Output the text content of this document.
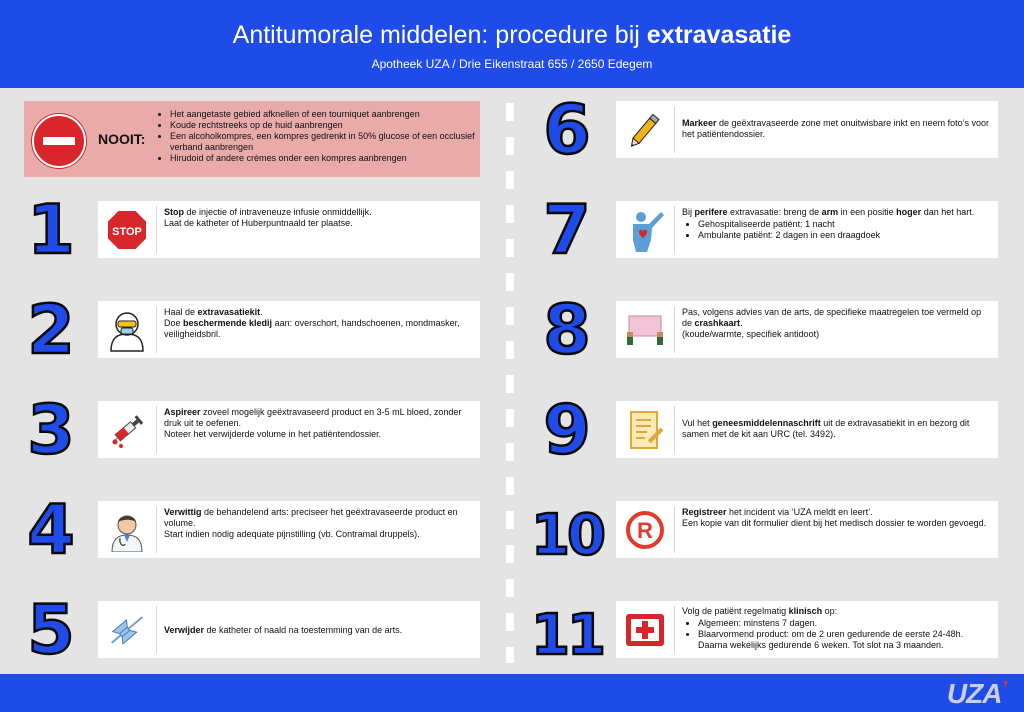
Antitumorale middelen: procedure bij extravasatie
Apotheek UZA / Drie Eikenstraat 655 / 2650 Edegem
NOOIT:
• Het aangetaste gebied afknellen of een tourniquet aanbrengen
• Koude rechtstreeks op de huid aanbrengen
• Een alcoholkompres, een kompres gedrenkt in 50% glucose of een occlusief verband aanbrengen
• Hirudoid of andere crèmes onder een kompres aanbrengen
1	STOP
Stop de injectie of intraveneuze infusie onmiddellijk.
Laat de katheter of Huberpuntnaald ter plaatse.
2	Haal de extravasatiekit.
Doe beschermende kledij aan: overschort, handschoenen, mondmasker, veiligheidsbril.
3	Aspireer zoveel mogelijk geëxtravaseerd product en 3-5 mL bloed, zonder druk uit te oefenen.
Noteer het verwijderde volume in het patiëntendossier.
4	Verwittig de behandelend arts: preciseer het geëxtravaseerde product en volume.
Start indien nodig adequate pijnstilling (vb. Contramal druppels).
5	Verwijder de katheter of naald na toestemming van de arts.
6	Markeer de geëxtravaseerde zone met onuitwisbare inkt en neem foto’s voor het patiëntendossier.
7	Bij perifere extravasatie: breng de arm in een positie hoger dan het hart.
• Gehospitaliseerde patiënt: 1 nacht
• Ambulante patiënt: 2 dagen in een draagdoek
8	Pas, volgens advies van de arts, de specifieke maatregelen toe vermeld op de crashkaart.
(koude/warmte, specifiek antidoot)
9	Vul het geneesmiddelennaschrift uit de extravasatiekit in en bezorg dit samen met de kit aan URC (tel. 3492).
10 R
Registreer het incident via ‘UZA meldt en leert’.
Een kopie van dit formulier dient bij het medisch dossier te worden gevoegd.
11	Volg de patiënt regelmatig klinisch op:
• Algemeen: minstens 7 dagen.
• Blaarvormend product: om de 2 uren gedurende de eerste 24-48h. Daarna wekelijks gedurende 6 weken. Tot slot na 3 maanden.
UZA’
